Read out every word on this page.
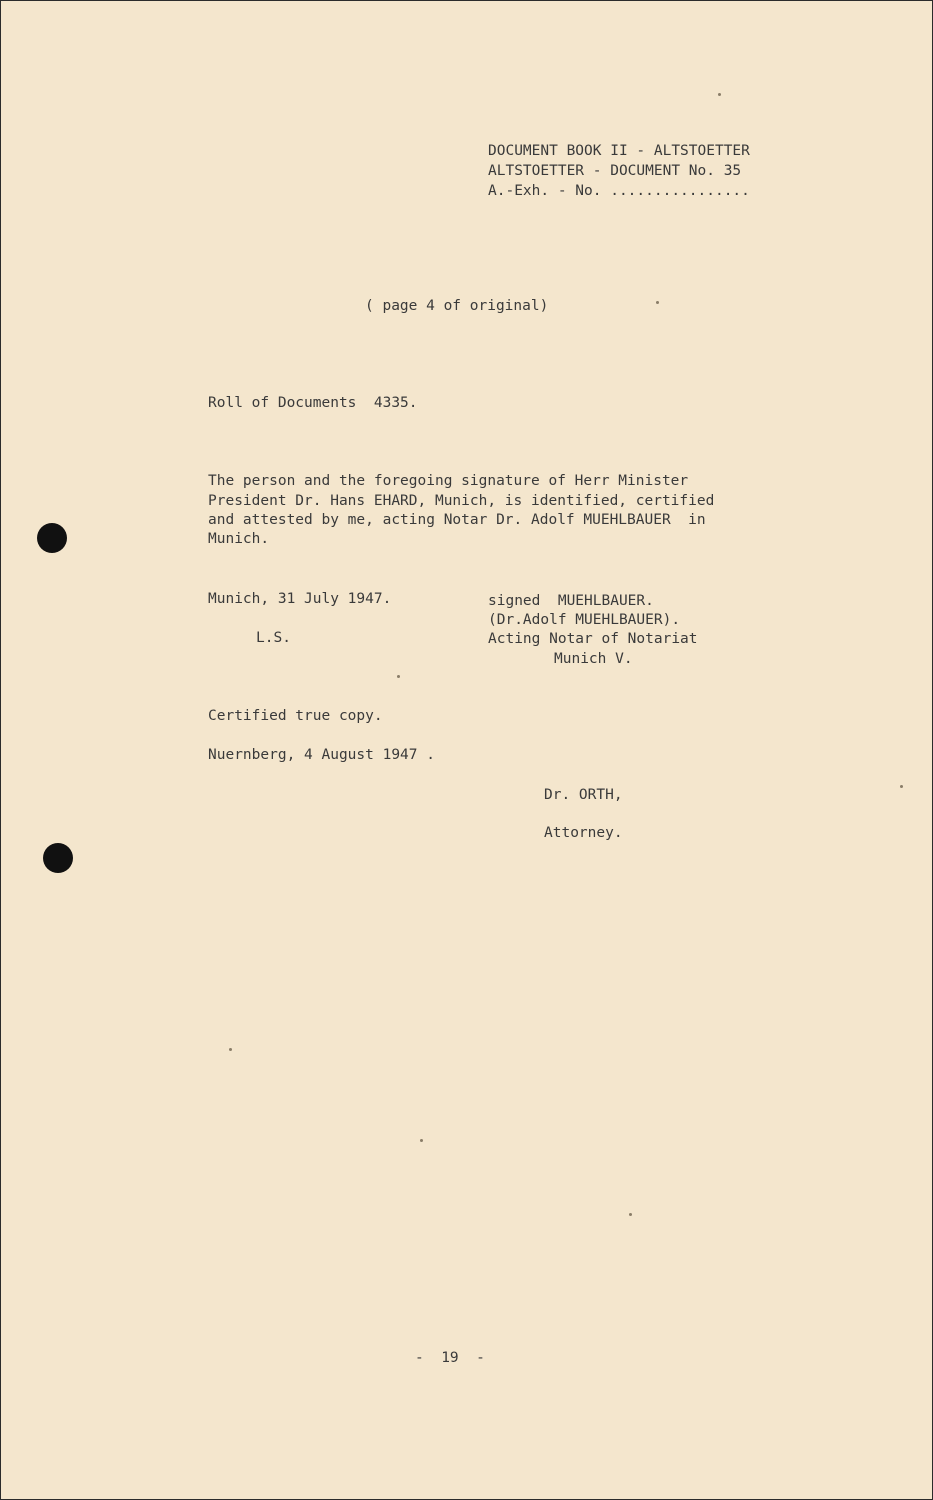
DOCUMENT BOOK II - ALTSTOETTER
ALTSTOETTER - DOCUMENT No. 35
A.-Exh. - No. ................
( page 4 of original)
Roll of Documents  4335.
The person and the foregoing signature of Herr Minister
President Dr. Hans EHARD, Munich, is identified, certified
and attested by me, acting Notar Dr. Adolf MUEHLBAUER  in
Munich.
Munich, 31 July 1947.
L.S.
signed  MUEHLBAUER.
(Dr.Adolf MUEHLBAUER).
Acting Notar of Notariat
Munich V.
Certified true copy.
Nuernberg, 4 August 1947 .
Dr. ORTH,
Attorney.
-  19  -
